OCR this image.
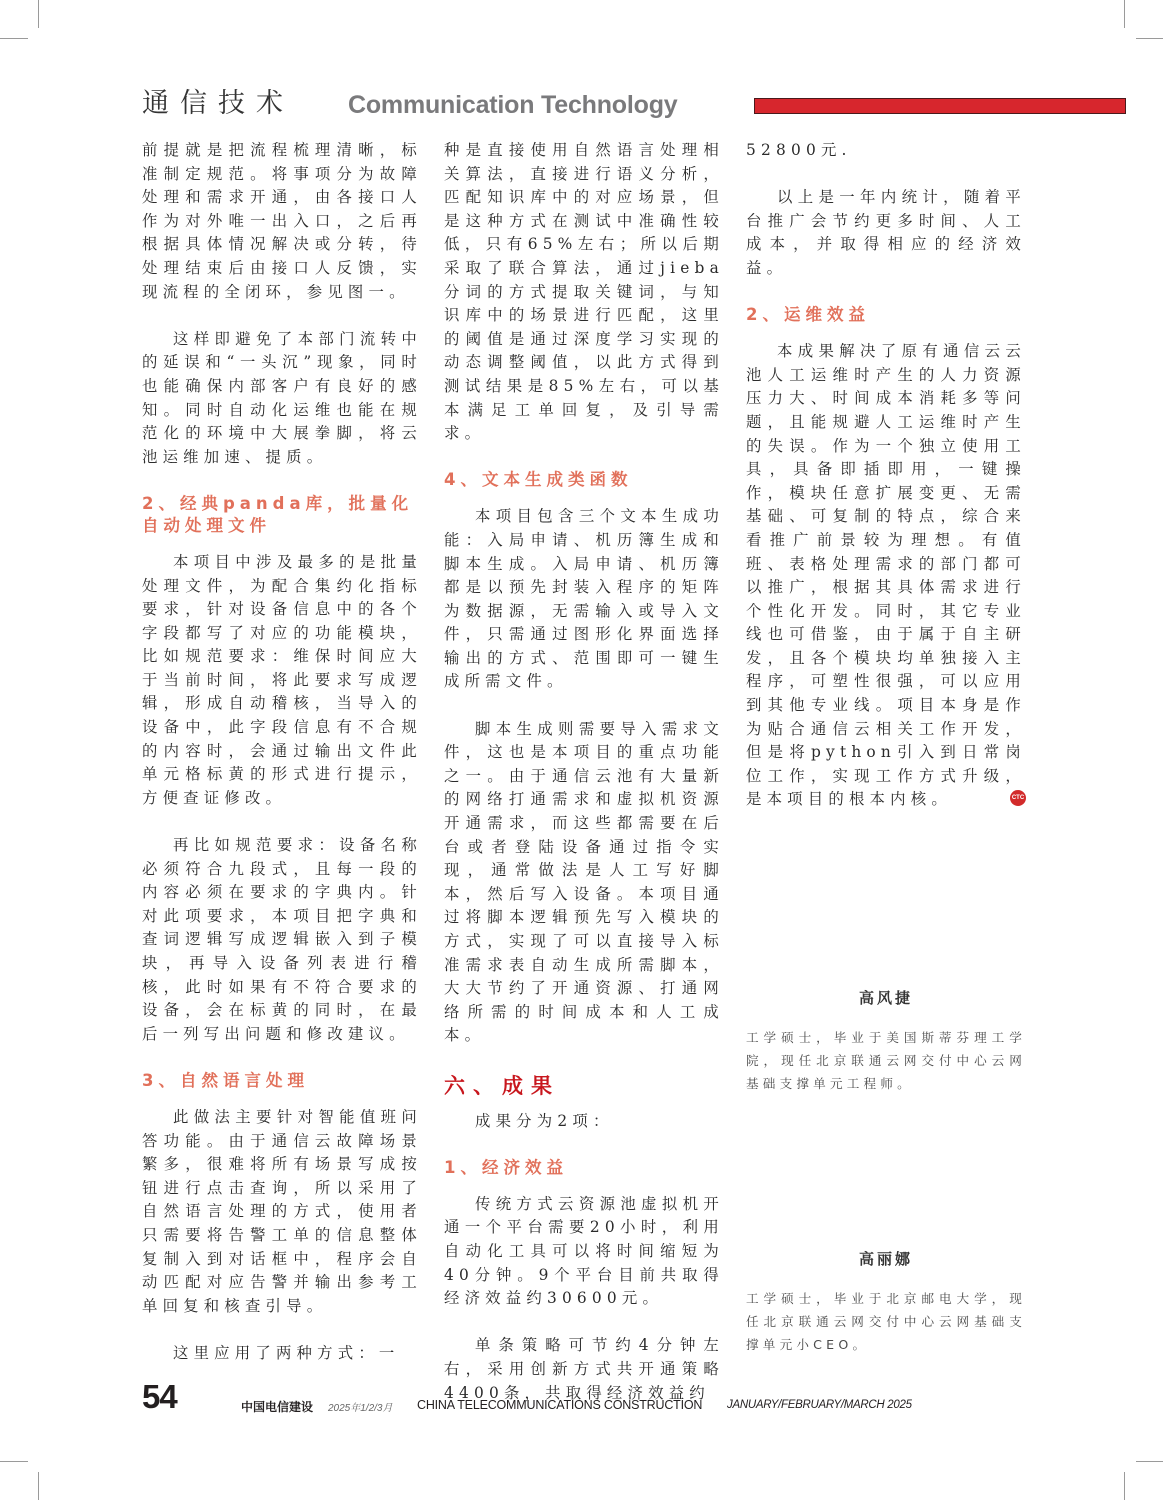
通信技术 Communication Technology

前提就是把流程梳理清晰，标准制定规范。将事项分为故障处理和需求开通，由各接口人作为对外唯一出入口，之后再根据具体情况解决或分转，待处理结束后由接口人反馈，实现流程的全闭环，参见图一。

这样即避免了本部门流转中的延误和“一头沉”现象，同时也能确保内部客户有良好的感知。同时自动化运维也能在规范化的环境中大展拳脚，将云池运维加速、提质。

2、经典panda库，批量化自动处理文件

本项目中涉及最多的是批量处理文件，为配合集约化指标要求，针对设备信息中的各个字段都写了对应的功能模块，比如规范要求：维保时间应大于当前时间，将此要求写成逻辑，形成自动稽核，当导入的设备中，此字段信息有不合规的内容时，会通过输出文件此单元格标黄的形式进行提示，方便查证修改。

再比如规范要求：设备名称必须符合九段式，且每一段的内容必须在要求的字典内。针对此项要求，本项目把字典和查词逻辑写成逻辑嵌入到子模块，再导入设备列表进行稽核，此时如果有不符合要求的设备，会在标黄的同时，在最后一列写出问题和修改建议。

3、自然语言处理

此做法主要针对智能值班问答功能。由于通信云故障场景繁多，很难将所有场景写成按钮进行点击查询，所以采用了自然语言处理的方式，使用者只需要将告警工单的信息整体复制入到对话框中，程序会自动匹配对应告警并输出参考工单回复和核查引导。

这里应用了两种方式：一

种是直接使用自然语言处理相关算法，直接进行语义分析，匹配知识库中的对应场景，但是这种方式在测试中准确性较低，只有65%左右；所以后期采取了联合算法，通过jieba分词的方式提取关键词，与知识库中的场景进行匹配，这里的阈值是通过深度学习实现的动态调整阈值，以此方式得到测试结果是85%左右，可以基本满足工单回复，及引导需求。

4、文本生成类函数

本项目包含三个文本生成功能：入局申请、机历簿生成和脚本生成。入局申请、机历簿都是以预先封装入程序的矩阵为数据源，无需输入或导入文件，只需通过图形化界面选择输出的方式、范围即可一键生成所需文件。

脚本生成则需要导入需求文件，这也是本项目的重点功能之一。由于通信云池有大量新的网络打通需求和虚拟机资源开通需求，而这些都需要在后台或者登陆设备通过指令实现，通常做法是人工写好脚本，然后写入设备。本项目通过将脚本逻辑预先写入模块的方式，实现了可以直接导入标准需求表自动生成所需脚本，大大节约了开通资源、打通网络所需的时间成本和人工成本。

六、成果

成果分为2项：

1、经济效益

传统方式云资源池虚拟机开通一个平台需要20小时，利用自动化工具可以将时间缩短为40分钟。9个平台目前共取得经济效益约30600元。

单条策略可节约4分钟左右，采用创新方式共开通策略4400条，共取得经济效益约

52800元.

以上是一年内统计，随着平台推广会节约更多时间、人工成本，并取得相应的经济效益。

2、运维效益

本成果解决了原有通信云云池人工运维时产生的人力资源压力大、时间成本消耗多等问题，且能规避人工运维时产生的失误。作为一个独立使用工具，具备即插即用，一键操作，模块任意扩展变更、无需基础、可复制的特点，综合来看推广前景较为理想。有值班、表格处理需求的部门都可以推广，根据其具体需求进行个性化开发。同时，其它专业线也可借鉴，由于属于自主研发，且各个模块均单独接入主程序，可塑性很强，可以应用到其他专业线。项目本身是作为贴合通信云相关工作开发，但是将python引入到日常岗位工作，实现工作方式升级，是本项目的根本内核。	CTC

高风捷
工学硕士，毕业于美国斯蒂芬理工学院，现任北京联通云网交付中心云网基础支撑单元工程师。
高丽娜
工学硕士，毕业于北京邮电大学，现任北京联通云网交付中心云网基础支撑单元小CEO。
54	中国电信建设 2025年1/2/3月 CHINA TELECOMMUNICATIONS CONSTRUCTION JANUARY/FEBRUARY/MARCH 2025
